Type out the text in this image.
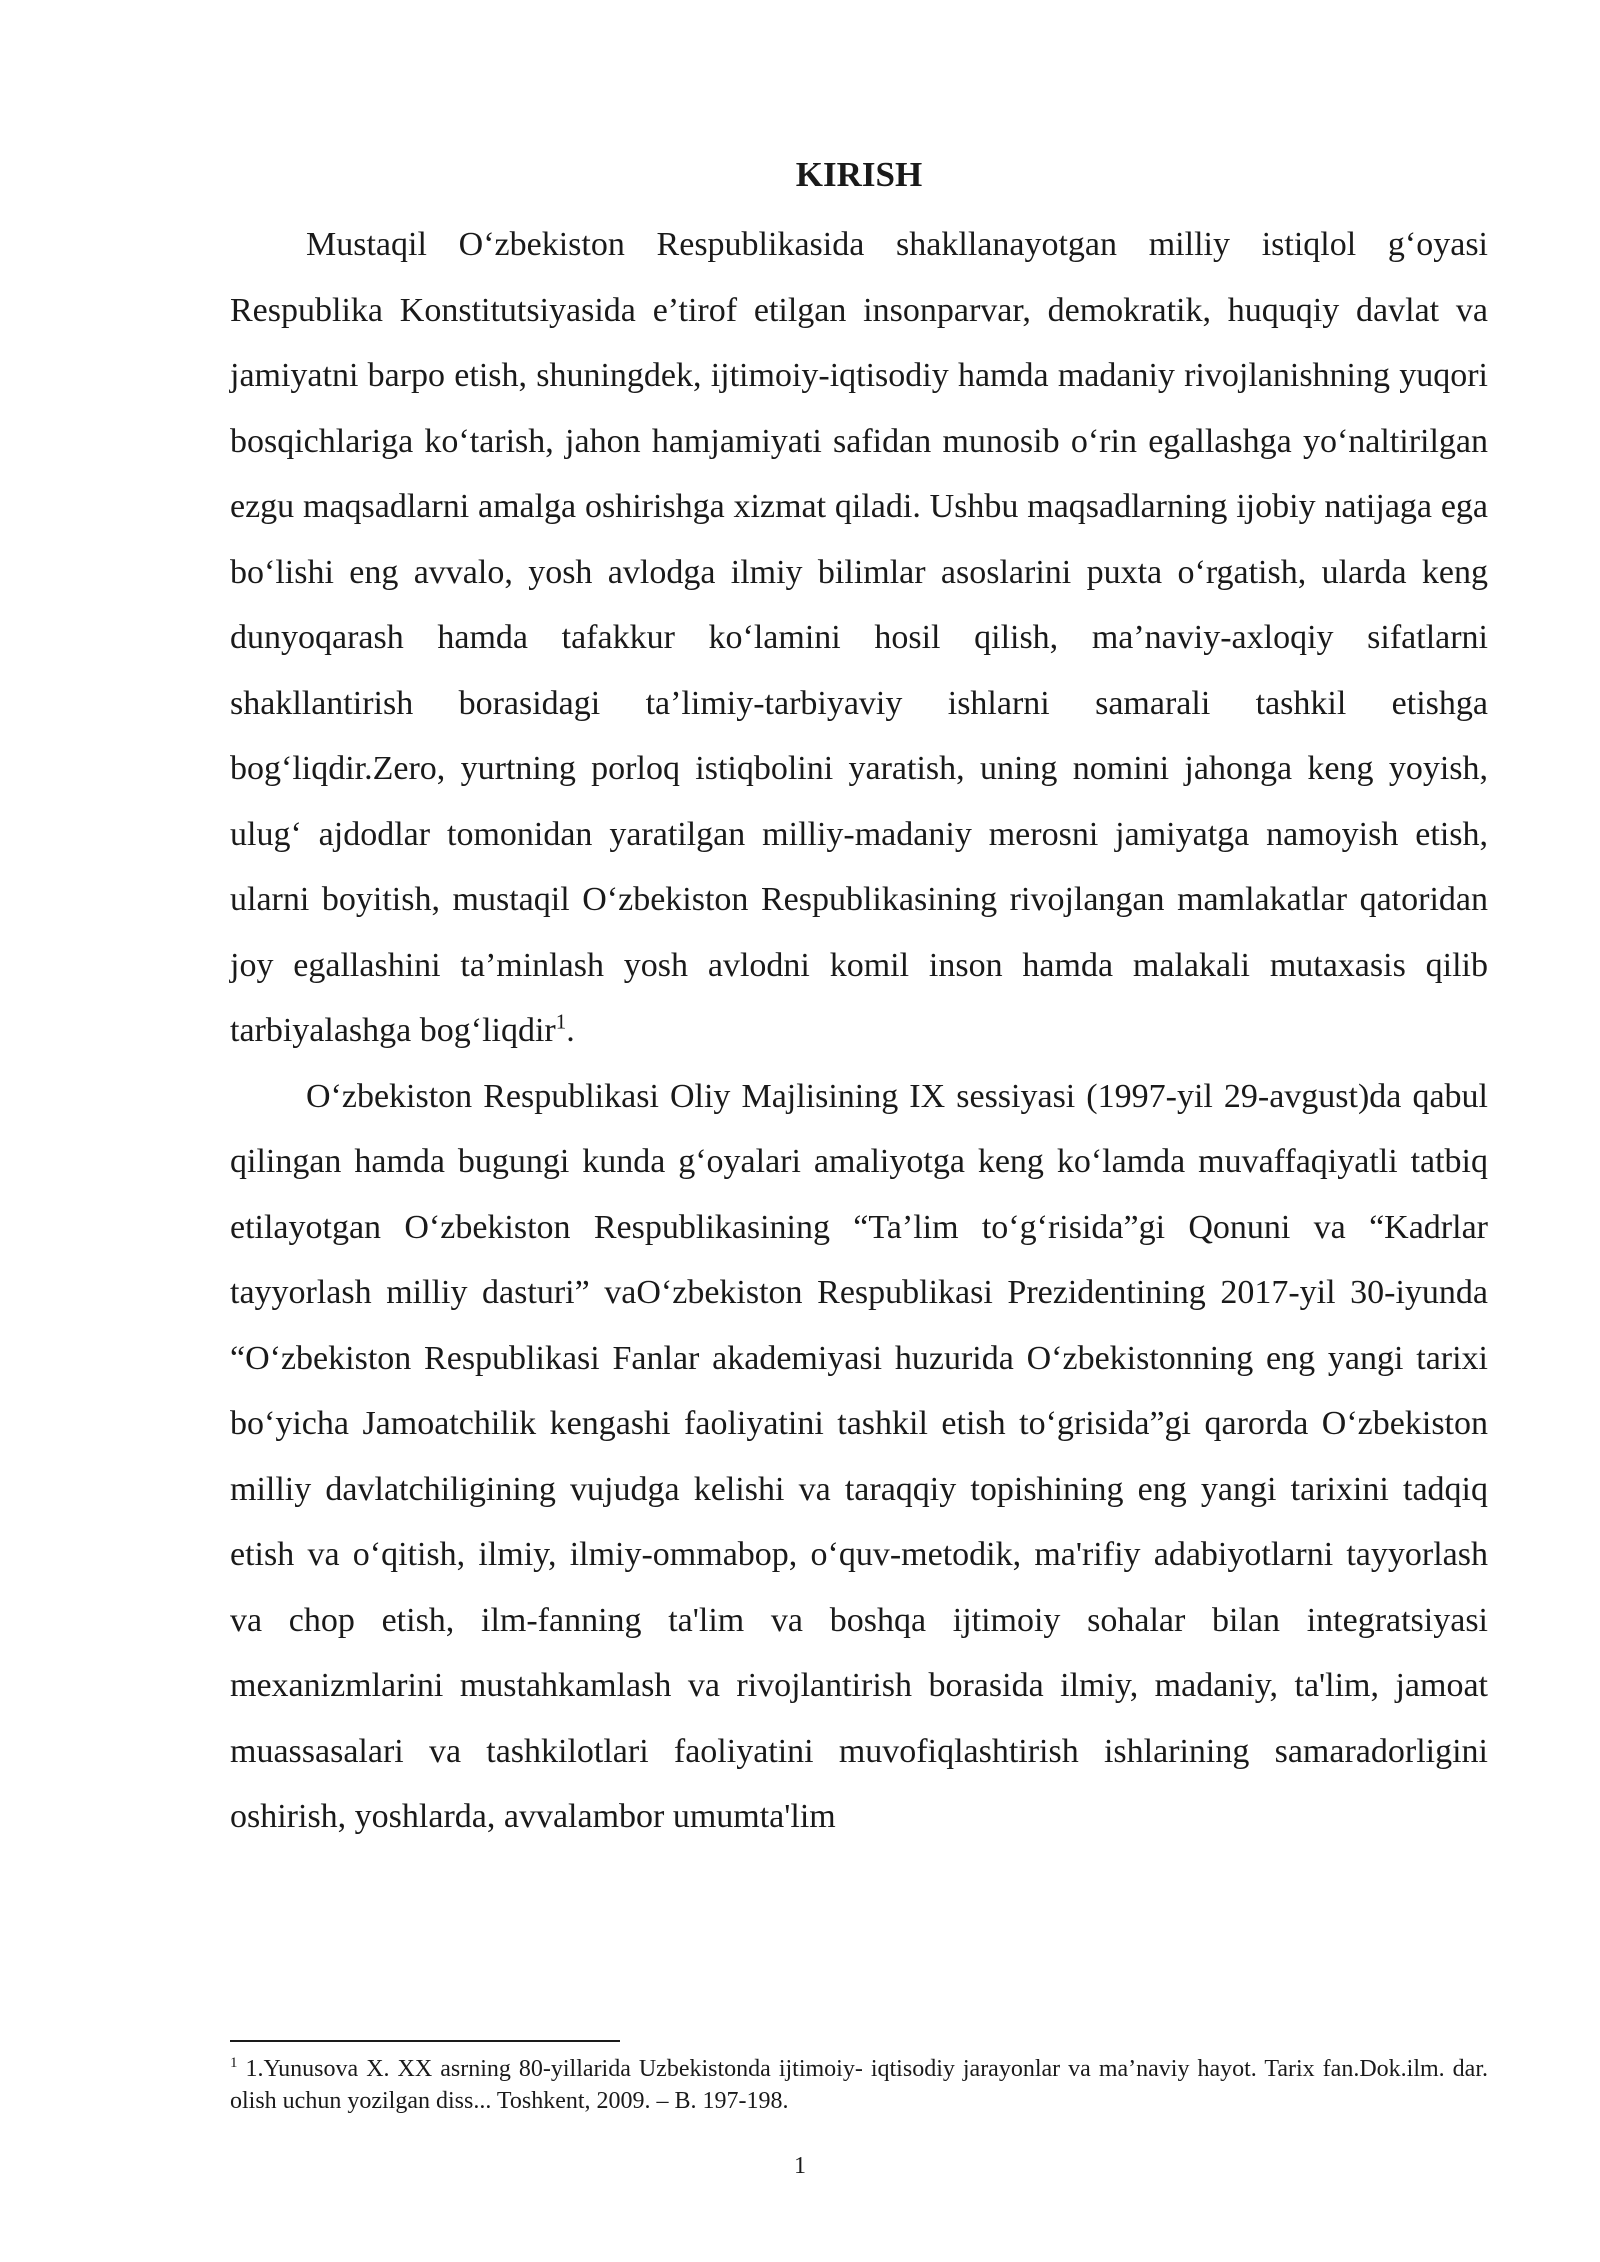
KIRISH

Mustaqil O‘zbekiston Respublikasida shakllanayotgan milliy istiqlol g‘oyasi Respublika Konstitutsiyasida e’tirof etilgan insonparvar, demokratik, huquqiy davlat va jamiyatni barpo etish, shuningdek, ijtimoiy-iqtisodiy hamda madaniy rivojlanishning yuqori bosqichlariga ko‘tarish, jahon hamjamiyati safidan munosib o‘rin egallashga yo‘naltirilgan ezgu maqsadlarni amalga oshirishga xizmat qiladi. Ushbu maqsadlarning ijobiy natijaga ega bo‘lishi eng avvalo, yosh avlodga ilmiy bilimlar asoslarini puxta o‘rgatish, ularda keng dunyoqarash hamda tafakkur ko‘lamini hosil qilish, ma’naviy-axloqiy sifatlarni shakllantirish borasidagi ta’limiy-tarbiyaviy ishlarni samarali tashkil etishga bog‘liqdir.Zero, yurtning porloq istiqbolini yaratish, uning nomini jahonga keng yoyish, ulug‘ ajdodlar tomonidan yaratilgan milliy-madaniy merosni jamiyatga namoyish etish, ularni boyitish, mustaqil O‘zbekiston Respublikasining rivojlangan mamlakatlar qatoridan joy egallashini ta’minlash yosh avlodni komil inson hamda malakali mutaxasis qilib tarbiyalashga bog‘liqdir$^1$.

O‘zbekiston Respublikasi Oliy Majlisining IX sessiyasi (1997-yil 29-avgust)da qabul qilingan hamda bugungi kunda g‘oyalari amaliyotga keng ko‘lamda muvaffaqiyatli tatbiq etilayotgan O‘zbekiston Respublikasining “Ta’lim to‘g‘risida”gi Qonuni va “Kadrlar tayyorlash milliy dasturi” vaO‘zbekiston Respublikasi Prezidentining 2017-yil 30-iyunda “O‘zbekiston Respublikasi Fanlar akademiyasi huzurida O‘zbekistonning eng yangi tarixi bo‘yicha Jamoatchilik kengashi faoliyatini tashkil etish to‘grisida”gi qarorda O‘zbekiston milliy davlatchiligining vujudga kelishi va taraqqiy topishining eng yangi tarixini tadqiq etish va o‘qitish, ilmiy, ilmiy-ommabop, o‘quv-metodik, ma'rifiy adabiyotlarni tayyorlash va chop etish, ilm-fanning ta'lim va boshqa ijtimoiy sohalar bilan integratsiyasi mexanizmlarini mustahkamlash va rivojlantirish borasida ilmiy, madaniy, ta'lim, jamoat muassasalari va tashkilotlari faoliyatini muvofiqlashtirish ishlarining samaradorligini oshirish, yoshlarda, avvalambor umumta'lim

$^1$ 1.Yunusova X. XX asrning 80-yillarida Uzbekistonda ijtimoiy- iqtisodiy jarayonlar va ma’naviy hayot. Tarix fan.Dok.ilm. dar. olish uchun yozilgan diss... Toshkent, 2009. – B. 197-198.

1
